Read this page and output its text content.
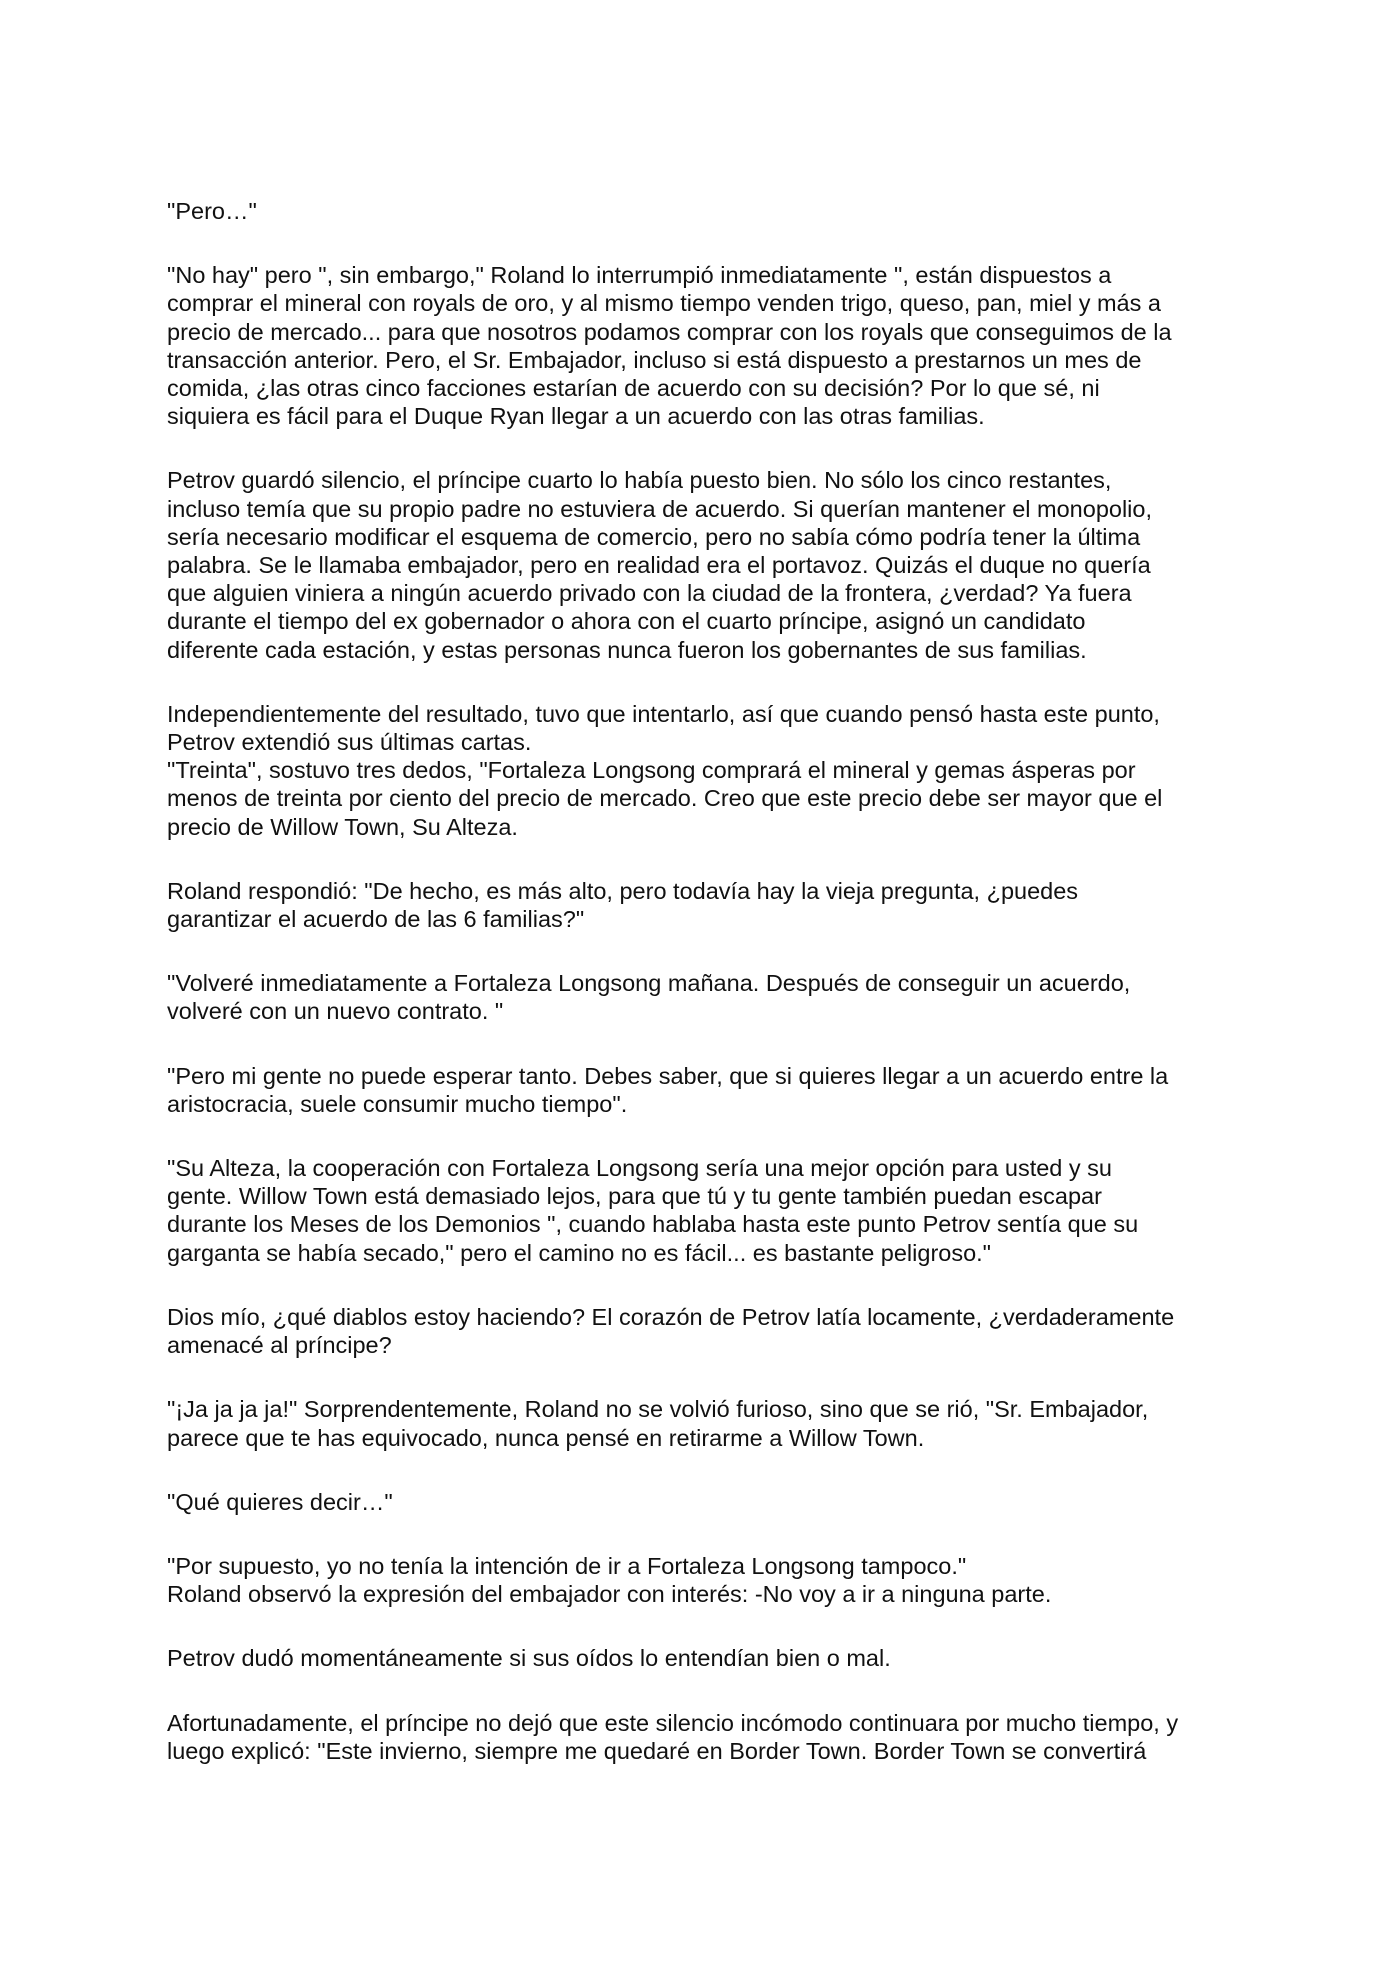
"Pero…"

"No hay" pero ", sin embargo," Roland lo interrumpió inmediatamente ", están dispuestos a
comprar el mineral con royals de oro, y al mismo tiempo venden trigo, queso, pan, miel y más a
precio de mercado... para que nosotros podamos comprar con los royals que conseguimos de la
transacción anterior. Pero, el Sr. Embajador, incluso si está dispuesto a prestarnos un mes de
comida, ¿las otras cinco facciones estarían de acuerdo con su decisión? Por lo que sé, ni
siquiera es fácil para el Duque Ryan llegar a un acuerdo con las otras familias.

Petrov guardó silencio, el príncipe cuarto lo había puesto bien. No sólo los cinco restantes,
incluso temía que su propio padre no estuviera de acuerdo. Si querían mantener el monopolio,
sería necesario modificar el esquema de comercio, pero no sabía cómo podría tener la última
palabra. Se le llamaba embajador, pero en realidad era el portavoz. Quizás el duque no quería
que alguien viniera a ningún acuerdo privado con la ciudad de la frontera, ¿verdad? Ya fuera
durante el tiempo del ex gobernador o ahora con el cuarto príncipe, asignó un candidato
diferente cada estación, y estas personas nunca fueron los gobernantes de sus familias.

Independientemente del resultado, tuvo que intentarlo, así que cuando pensó hasta este punto,
Petrov extendió sus últimas cartas.
"Treinta", sostuvo tres dedos, "Fortaleza Longsong comprará el mineral y gemas ásperas por
menos de treinta por ciento del precio de mercado. Creo que este precio debe ser mayor que el
precio de Willow Town, Su Alteza.

Roland respondió: "De hecho, es más alto, pero todavía hay la vieja pregunta, ¿puedes
garantizar el acuerdo de las 6 familias?"

"Volveré inmediatamente a Fortaleza Longsong mañana. Después de conseguir un acuerdo,
volveré con un nuevo contrato. "

"Pero mi gente no puede esperar tanto. Debes saber, que si quieres llegar a un acuerdo entre la
aristocracia, suele consumir mucho tiempo".

"Su Alteza, la cooperación con Fortaleza Longsong sería una mejor opción para usted y su
gente. Willow Town está demasiado lejos, para que tú y tu gente también puedan escapar
durante los Meses de los Demonios ", cuando hablaba hasta este punto Petrov sentía que su
garganta se había secado," pero el camino no es fácil... es bastante peligroso."

Dios mío, ¿qué diablos estoy haciendo? El corazón de Petrov latía locamente, ¿verdaderamente
amenacé al príncipe?

"¡Ja ja ja ja!" Sorprendentemente, Roland no se volvió furioso, sino que se rió, "Sr. Embajador,
parece que te has equivocado, nunca pensé en retirarme a Willow Town.

"Qué quieres decir…"

"Por supuesto, yo no tenía la intención de ir a Fortaleza Longsong tampoco."
Roland observó la expresión del embajador con interés: -No voy a ir a ninguna parte.

Petrov dudó momentáneamente si sus oídos lo entendían bien o mal.

Afortunadamente, el príncipe no dejó que este silencio incómodo continuara por mucho tiempo, y
luego explicó: "Este invierno, siempre me quedaré en Border Town. Border Town se convertirá
